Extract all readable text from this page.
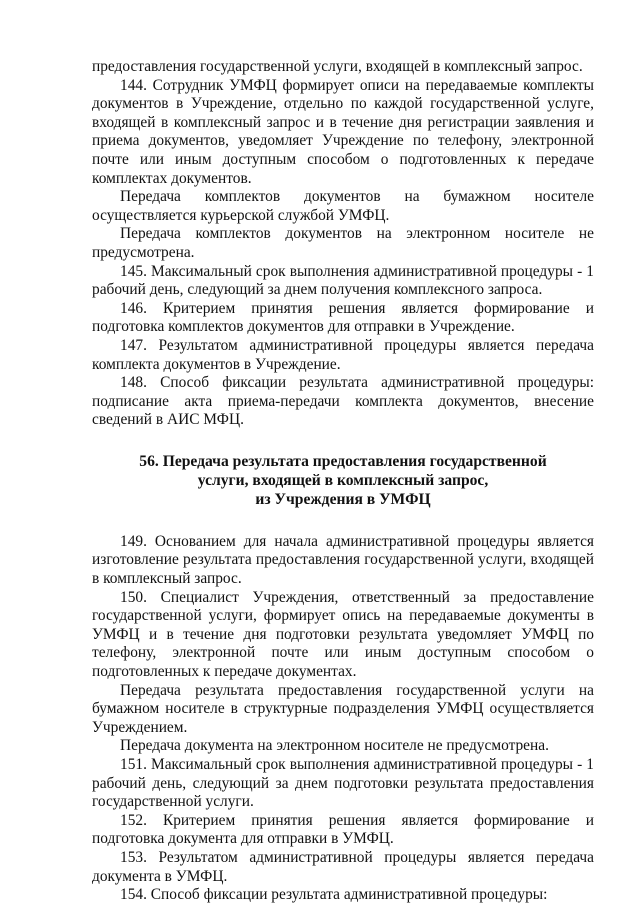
предоставления государственной услуги, входящей в комплексный запрос.

144. Сотрудник УМФЦ формирует описи на передаваемые комплекты документов в Учреждение, отдельно по каждой государственной услуге, входящей в комплексный запрос и в течение дня регистрации заявления и приема документов, уведомляет Учреждение по телефону, электронной почте или иным доступным способом о подготовленных к передаче комплектах документов.

Передача комплектов документов на бумажном носителе осуществляется курьерской службой УМФЦ.

Передача комплектов документов на электронном носителе не предусмотрена.

145. Максимальный срок выполнения административной процедуры - 1 рабочий день, следующий за днем получения комплексного запроса.

146. Критерием принятия решения является формирование и подготовка комплектов документов для отправки в Учреждение.

147. Результатом административной процедуры является передача комплекта документов в Учреждение.

148. Способ фиксации результата административной процедуры: подписание акта приема-передачи комплекта документов, внесение сведений в АИС МФЦ.

56. Передача результата предоставления государственной
услуги, входящей в комплексный запрос,
из Учреждения в УМФЦ

149. Основанием для начала административной процедуры является изготовление результата предоставления государственной услуги, входящей в комплексный запрос.

150. Специалист Учреждения, ответственный за предоставление государственной услуги, формирует опись на передаваемые документы в УМФЦ и в течение дня подготовки результата уведомляет УМФЦ по телефону, электронной почте или иным доступным способом о подготовленных к передаче документах.

Передача результата предоставления государственной услуги на бумажном носителе в структурные подразделения УМФЦ осуществляется Учреждением.

Передача документа на электронном носителе не предусмотрена.

151. Максимальный срок выполнения административной процедуры - 1 рабочий день, следующий за днем подготовки результата предоставления государственной услуги.

152. Критерием принятия решения является формирование и подготовка документа для отправки в УМФЦ.

153. Результатом административной процедуры является передача документа в УМФЦ.

154. Способ фиксации результата административной процедуры:
